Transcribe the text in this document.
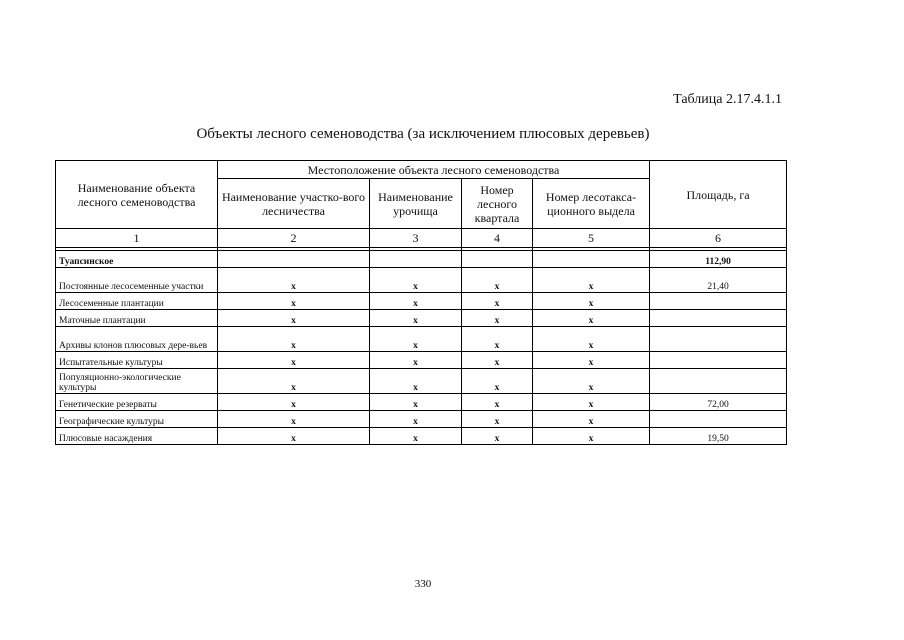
Таблица 2.17.4.1.1
Объекты лесного семеноводства (за исключением плюсовых деревьев)
Наименование объекта лесного семеноводства	Местоположение объекта лесного семеноводства				Площадь, га
	Наименование участко-вого лесничества	Наименование урочища	Номер лесного квартала	Номер лесотакса-ционного выдела	
1	2	3	4	5	6

Туапсинское					112,90
Постоянные лесосеменные участки	x	x	x	x	21,40
Лесосеменные плантации	x	x	x	x	
Маточные плантации	x	x	x	x	
Архивы клонов плюсовых дере-вьев	x	x	x	x	
Испытательные культуры	x	x	x	x	
Популяционно-экологические культуры	x	x	x	x	
Генетические резерваты	x	x	x	x	72,00
Географические культуры	x	x	x	x	
Плюсовые насаждения	x	x	x	x	19,50
330
